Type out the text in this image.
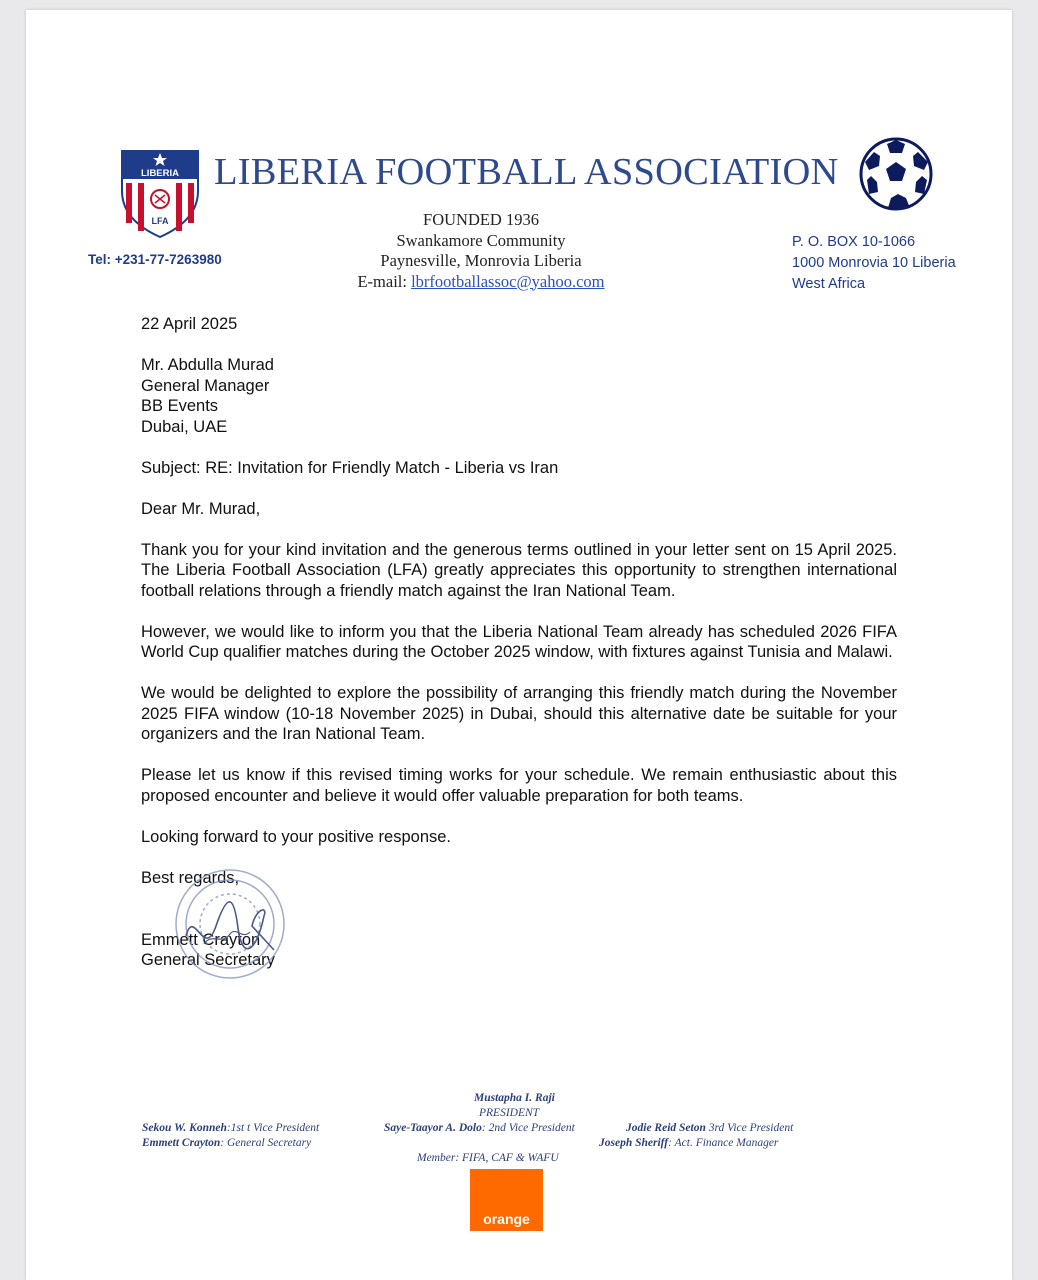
LIBERIA
LFA
LIBERIA FOOTBALL ASSOCIATION
FOUNDED 1936
Swankamore Community
Paynesville, Monrovia Liberia
E-mail: lbrfootballassoc@yahoo.com
Tel: +231-77-7263980
P. O. BOX 10-1066
1000 Monrovia 10 Liberia
West Africa

22 April 2025

Mr. Abdulla Murad
General Manager
BB Events
Dubai, UAE

Subject: RE: Invitation for Friendly Match - Liberia vs Iran

Dear Mr. Murad,

Thank you for your kind invitation and the generous terms outlined in your letter sent on 15 April 2025. The Liberia Football Association (LFA) greatly appreciates this opportunity to strengthen international football relations through a friendly match against the Iran National Team.

However, we would like to inform you that the Liberia National Team already has scheduled 2026 FIFA World Cup qualifier matches during the October 2025 window, with fixtures against Tunisia and Malawi.

We would be delighted to explore the possibility of arranging this friendly match during the November 2025 FIFA window (10-18 November 2025) in Dubai, should this alternative date be suitable for your organizers and the Iran National Team.

Please let us know if this revised timing works for your schedule. We remain enthusiastic about this proposed encounter and believe it would offer valuable preparation for both teams.

Looking forward to your positive response.

Best regards,

Emmett Crayton
General Secretary
Mustapha I. Raji
PRESIDENT
Sekou W. Konneh:1st t Vice President
Emmett Crayton: General Secretary
Saye-Taayor A. Dolo: 2nd Vice President	Jodie Reid Seton 3rd Vice President
Joseph Sheriff: Act. Finance Manager
Member: FIFA, CAF & WAFU
orange
